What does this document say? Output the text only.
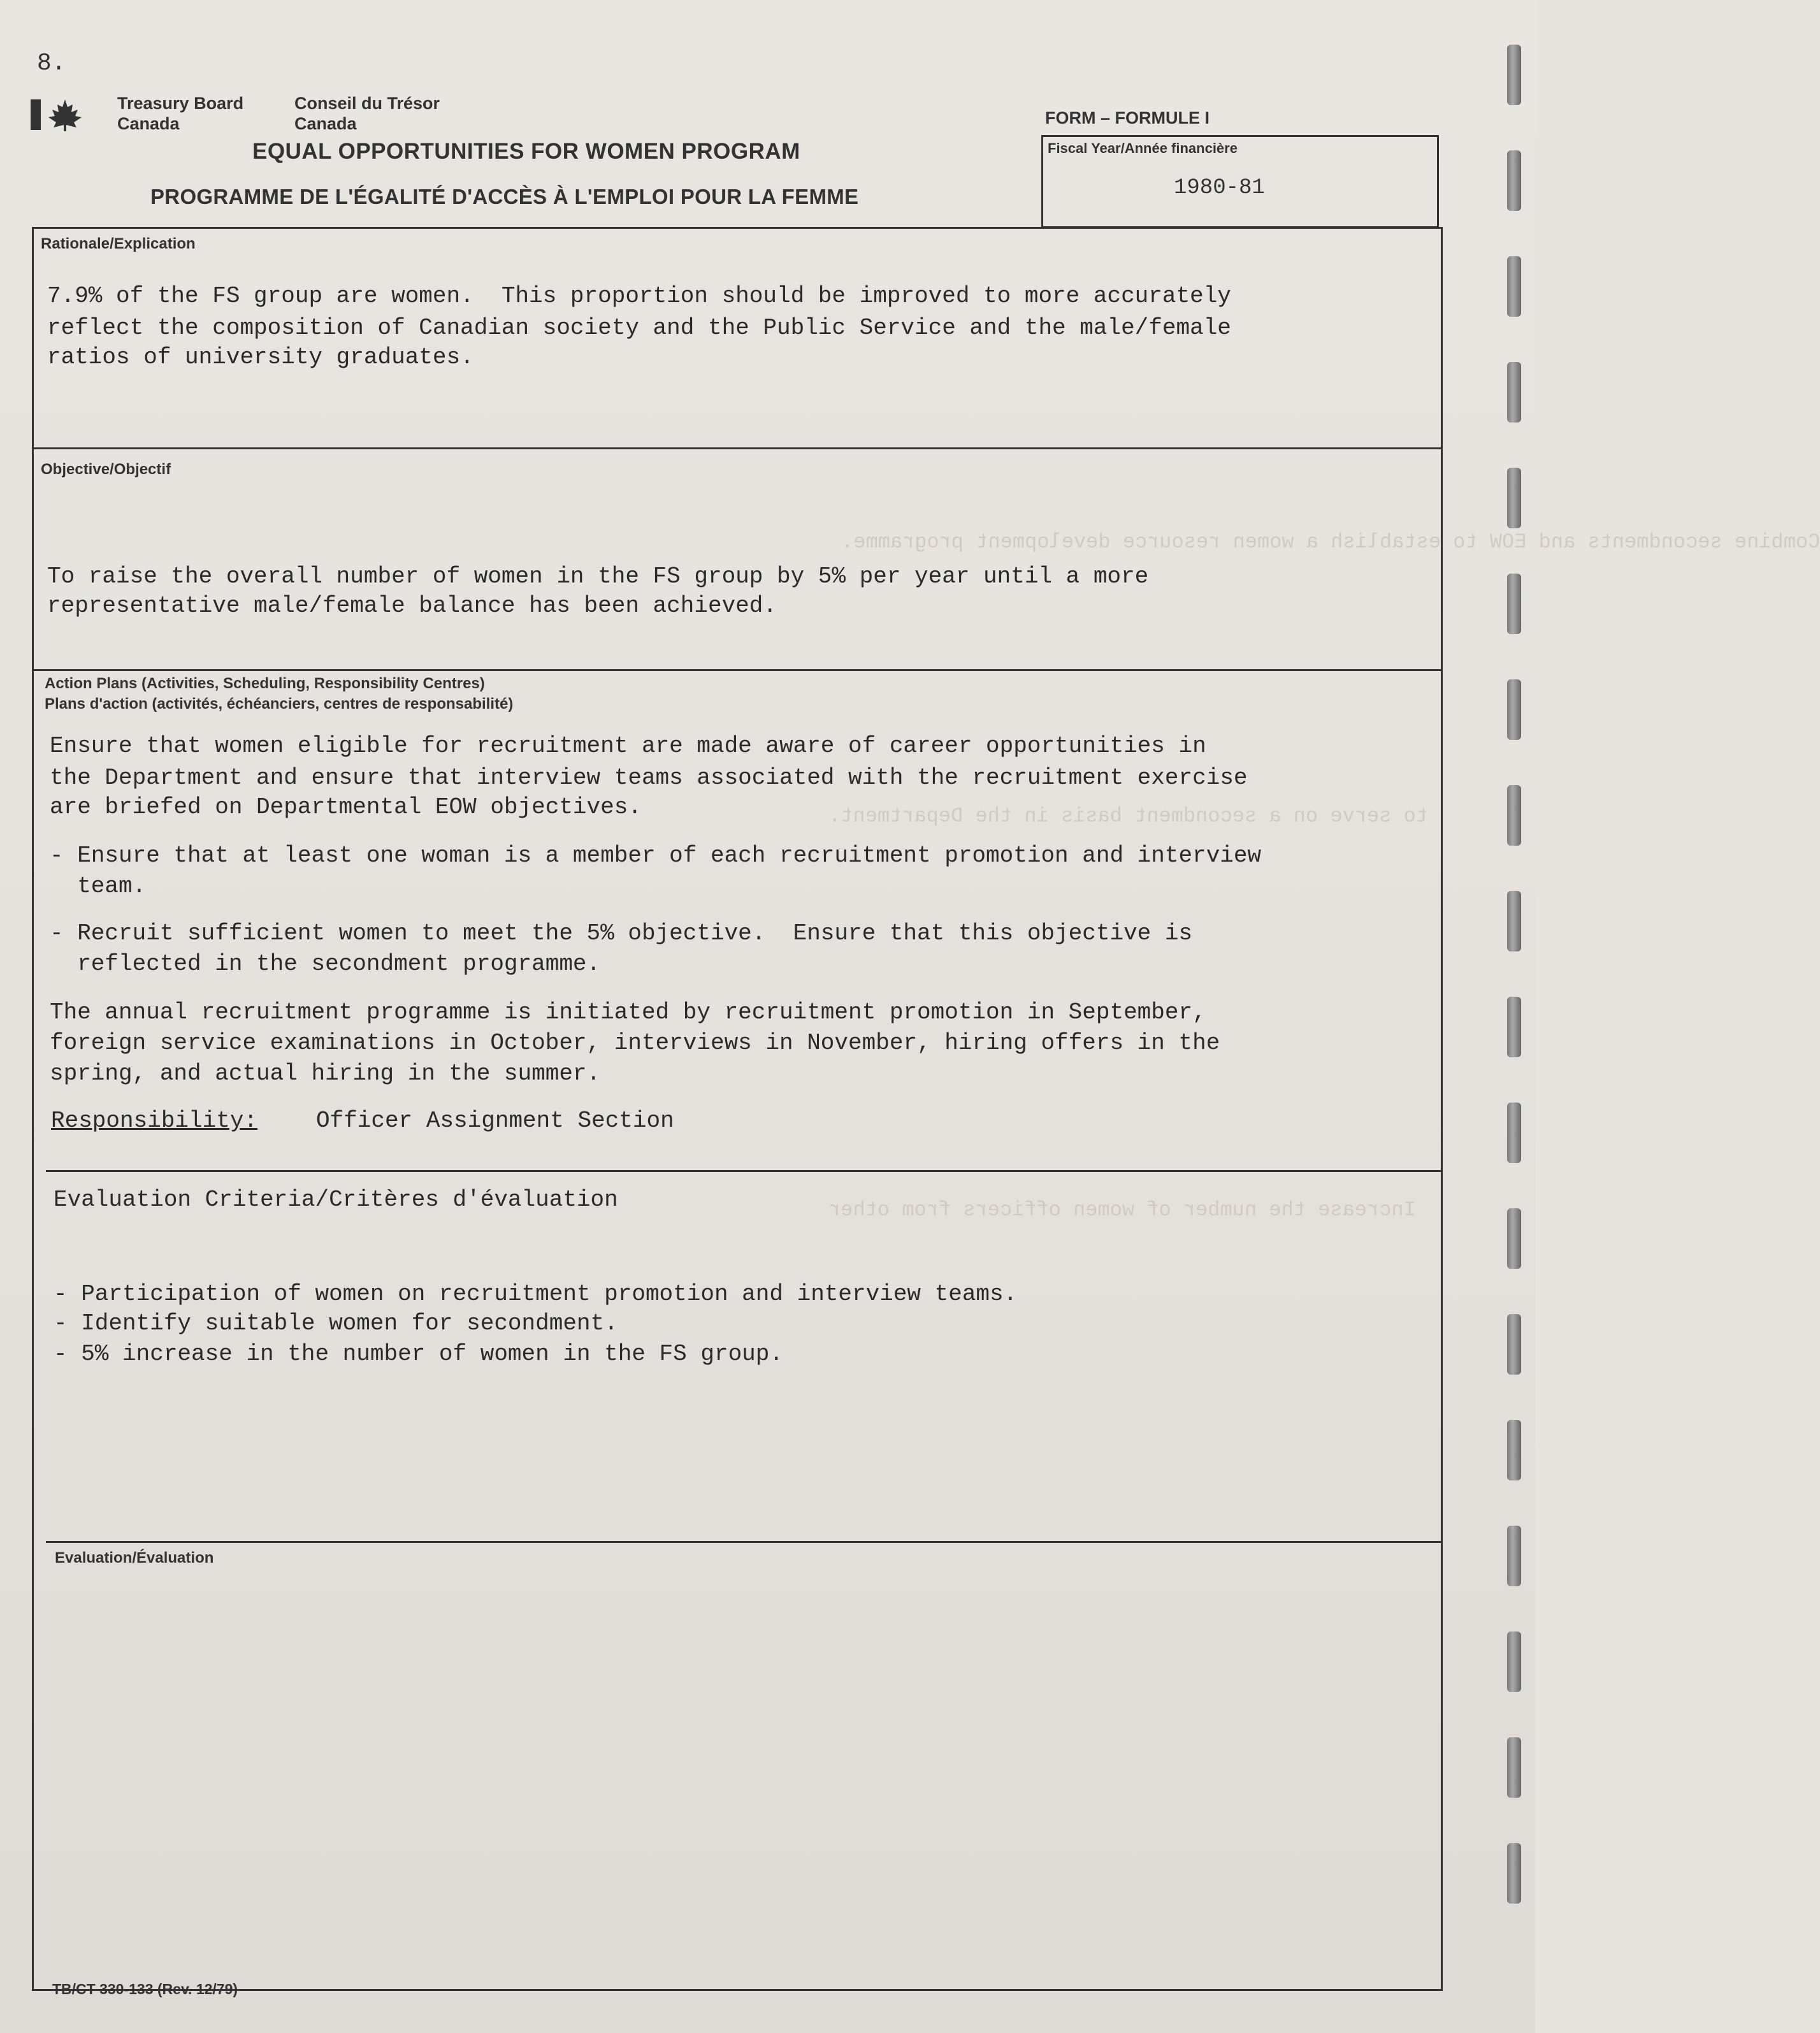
Combine secondments and EOW to establish a women resource development programme.
to serve on a secondment basis in the Department.
Increase the number of women officers from other
8.
Treasury Board
Canada
Conseil du Trésor
Canada
EQUAL OPPORTUNITIES FOR WOMEN PROGRAM
PROGRAMME DE L'ÉGALITÉ D'ACCÈS À L'EMPLOI POUR LA FEMME
FORM – FORMULE I
Fiscal Year/Année financière
1980-81
Rationale/Explication
7.9% of the FS group are women.  This proportion should be improved to more accurately
reflect the composition of Canadian society and the Public Service and the male/female
ratios of university graduates.
Objective/Objectif
To raise the overall number of women in the FS group by 5% per year until a more
representative male/female balance has been achieved.
Action Plans (Activities, Scheduling, Responsibility Centres)
Plans d'action (activités, échéanciers, centres de responsabilité)
Ensure that women eligible for recruitment are made aware of career opportunities in
the Department and ensure that interview teams associated with the recruitment exercise
are briefed on Departmental EOW objectives.
- Ensure that at least one woman is a member of each recruitment promotion and interview
team.
- Recruit sufficient women to meet the 5% objective.  Ensure that this objective is
reflected in the secondment programme.
The annual recruitment programme is initiated by recruitment promotion in September,
foreign service examinations in October, interviews in November, hiring offers in the
spring, and actual hiring in the summer.
Responsibility:	Officer Assignment Section
Evaluation Criteria/Critères d'évaluation
- Participation of women on recruitment promotion and interview teams.
- Identify suitable women for secondment.
- 5% increase in the number of women in the FS group.
Evaluation/Évaluation
TB/CT 330-133 (Rev. 12/79)
